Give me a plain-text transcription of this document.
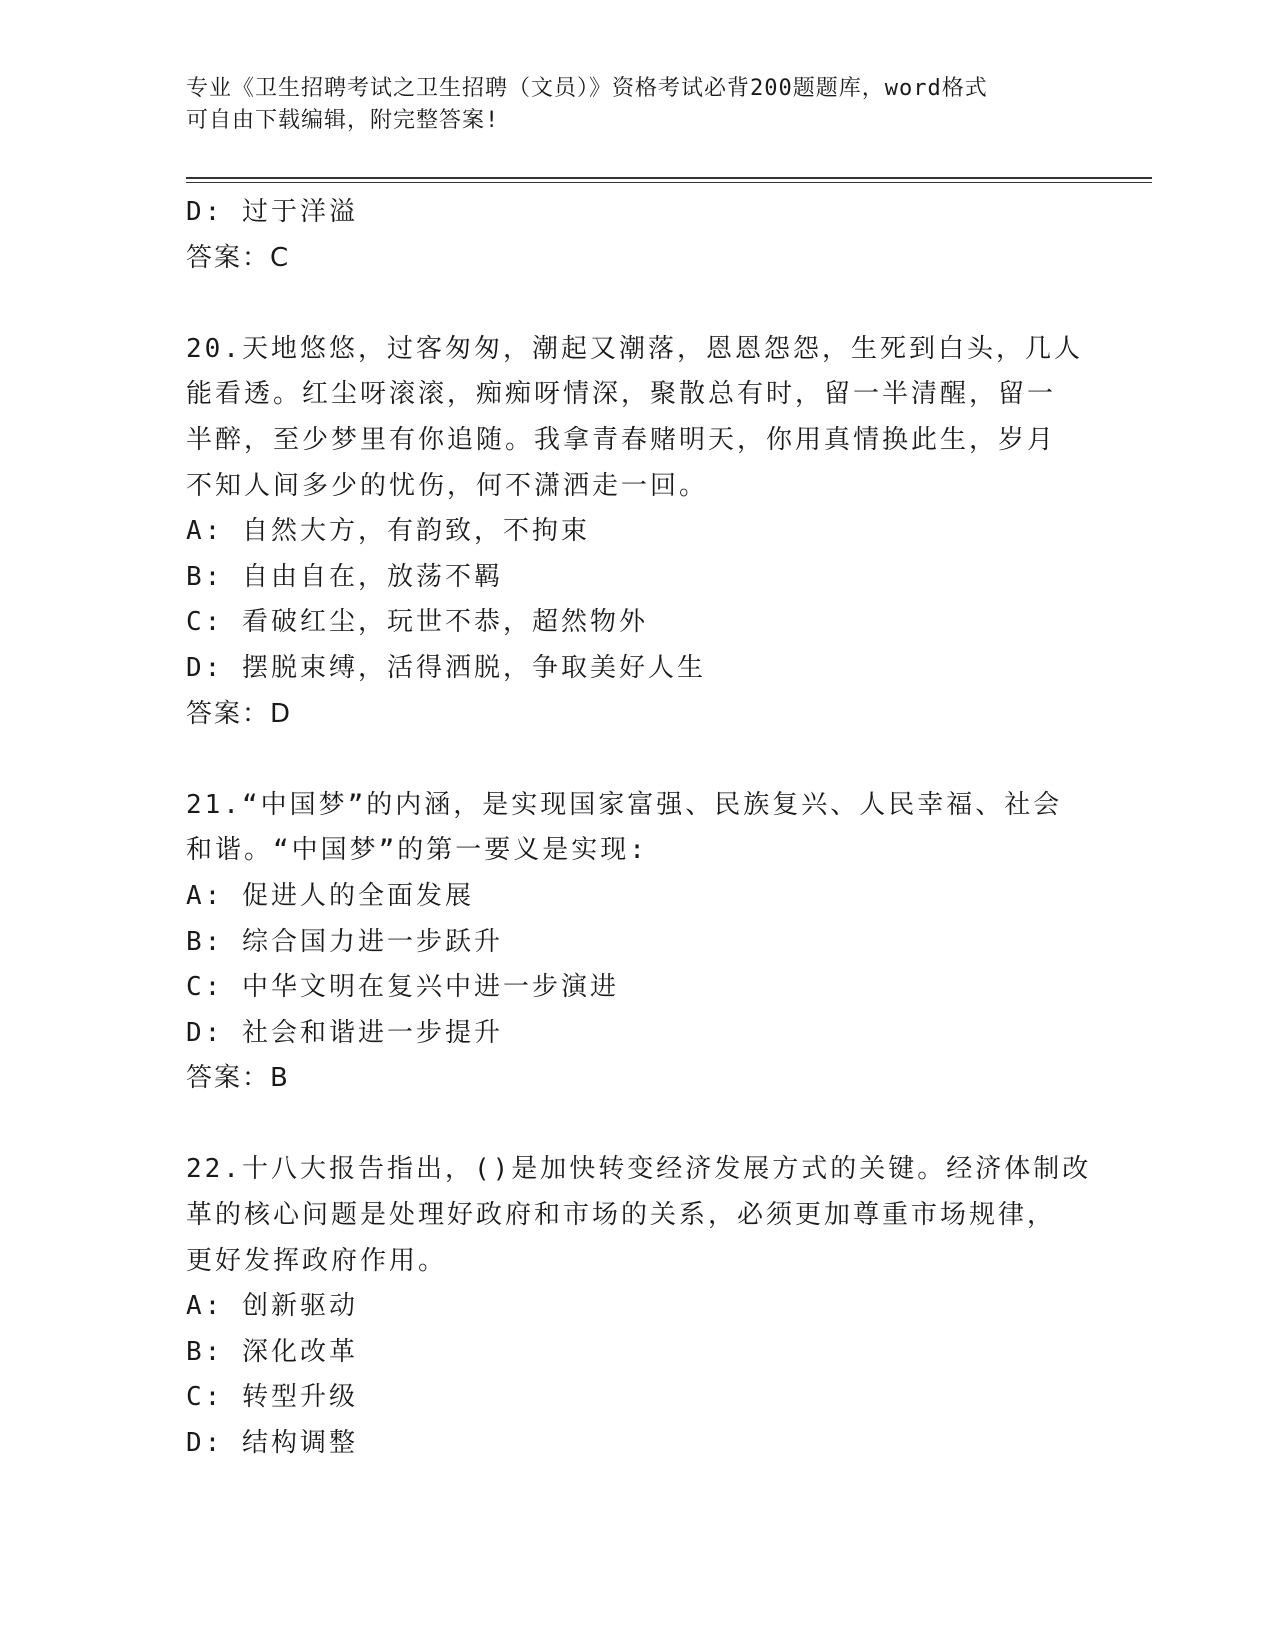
专业《卫生招聘考试之卫生招聘（文员）》资格考试必背200题题库，word格式
可自由下载编辑，附完整答案!
D: 过于洋溢
答案：C
20.天地悠悠，过客匆匆，潮起又潮落，恩恩怨怨，生死到白头，几人
能看透。红尘呀滚滚，痴痴呀情深，聚散总有时，留一半清醒，留一
半醉，至少梦里有你追随。我拿青春赌明天，你用真情换此生，岁月
不知人间多少的忧伤，何不潇洒走一回。
A: 自然大方，有韵致，不拘束
B: 自由自在，放荡不羁
C: 看破红尘，玩世不恭，超然物外
D: 摆脱束缚，活得洒脱，争取美好人生
答案：D
21.“中国梦”的内涵，是实现国家富强、民族复兴、人民幸福、社会
和谐。“中国梦”的第一要义是实现:
A: 促进人的全面发展
B: 综合国力进一步跃升
C: 中华文明在复兴中进一步演进
D: 社会和谐进一步提升
答案：B
22.十八大报告指出，()是加快转变经济发展方式的关键。经济体制改
革的核心问题是处理好政府和市场的关系，必须更加尊重市场规律，
更好发挥政府作用。
A: 创新驱动
B: 深化改革
C: 转型升级
D: 结构调整
